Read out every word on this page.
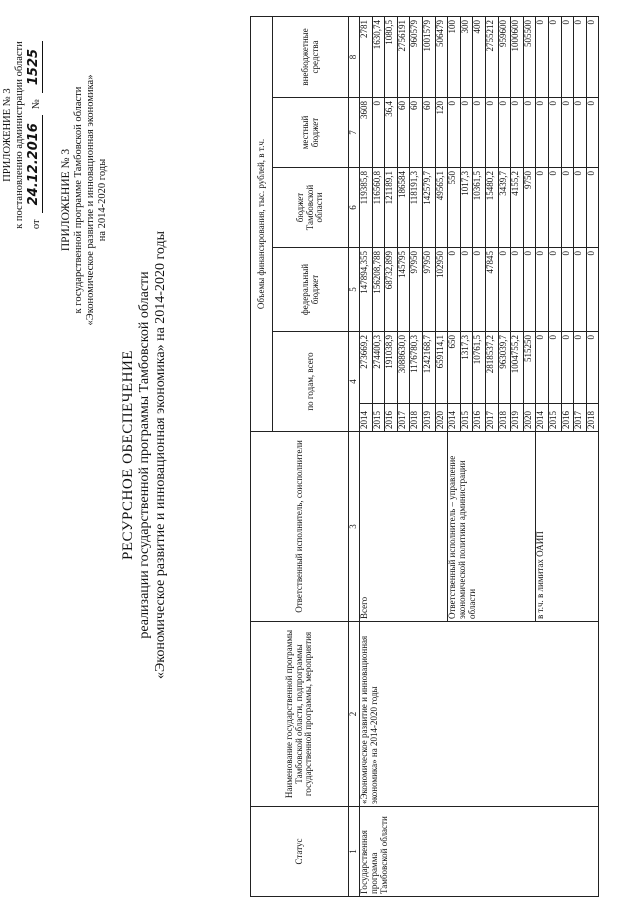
ПРИЛОЖЕНИЕ № 3 к постановлению администрации области от
24.12.2016
№
1525
ПРИЛОЖЕНИЕ № 3 к государственной программе Тамбовской области «Экономическое развитие и инновационная экономика» на 2014-2020 годы
РЕСУРСНОЕ ОБЕСПЕЧЕНИЕ реализации государственной программы Тамбовской области «Экономическое развитие и инновационная экономика» на 2014-2020 годы
Статус	Наименование государственной программы Тамбовской области, подпрограммы государственной программы, мероприятия	Ответственный исполнитель, соисполнители	Объемы финансирования, тыс. рублей, в т.ч.					
			по годам, всего		федеральный бюджет	бюджет Тамбовской области	местный бюджет	внебюджетные средства
1	2	3	4		5	6	7	8
Государственная программа Тамбовской области	«Экономическое развитие и инновационная экономика» на 2014-2020 годы	Всего	2014	273669,2	147894,355	119385,8	3608	2781
			2015	274400,3	156208,788	116560,8	0	1630,74
			2016	191038,9	68732,899	121189,1	36,4	1080,5
			2017	3088630,0	145795	186584	60	2756191
			2018	1176780,3	97950	118191,3	60	960579
			2019	1242168,7	97950	142579,7	60	1001579
			2020	659114,1	102950	49565,1	120	506479
		Ответственный исполнитель – управление экономической политики администрации области	2014	650	0	550	0	100
			2015	1317,3	0	1017,3	0	300
			2016	10761,5	0	10361,5	0	400
			2017	2818537,2	47845	15480,2	0	2755212
			2018	963039,7	0	3439,7	0	959600
			2019	1004755,2	0	4155,2	0	1000600
			2020	515250	0	9750	0	505500
		в т.ч. в лимитах ОАИП	2014	0	0	0	0	0
			2015	0	0	0	0	0
			2016	0	0	0	0	0
			2017	0	0	0	0	0
			2018	0	0	0	0	0
